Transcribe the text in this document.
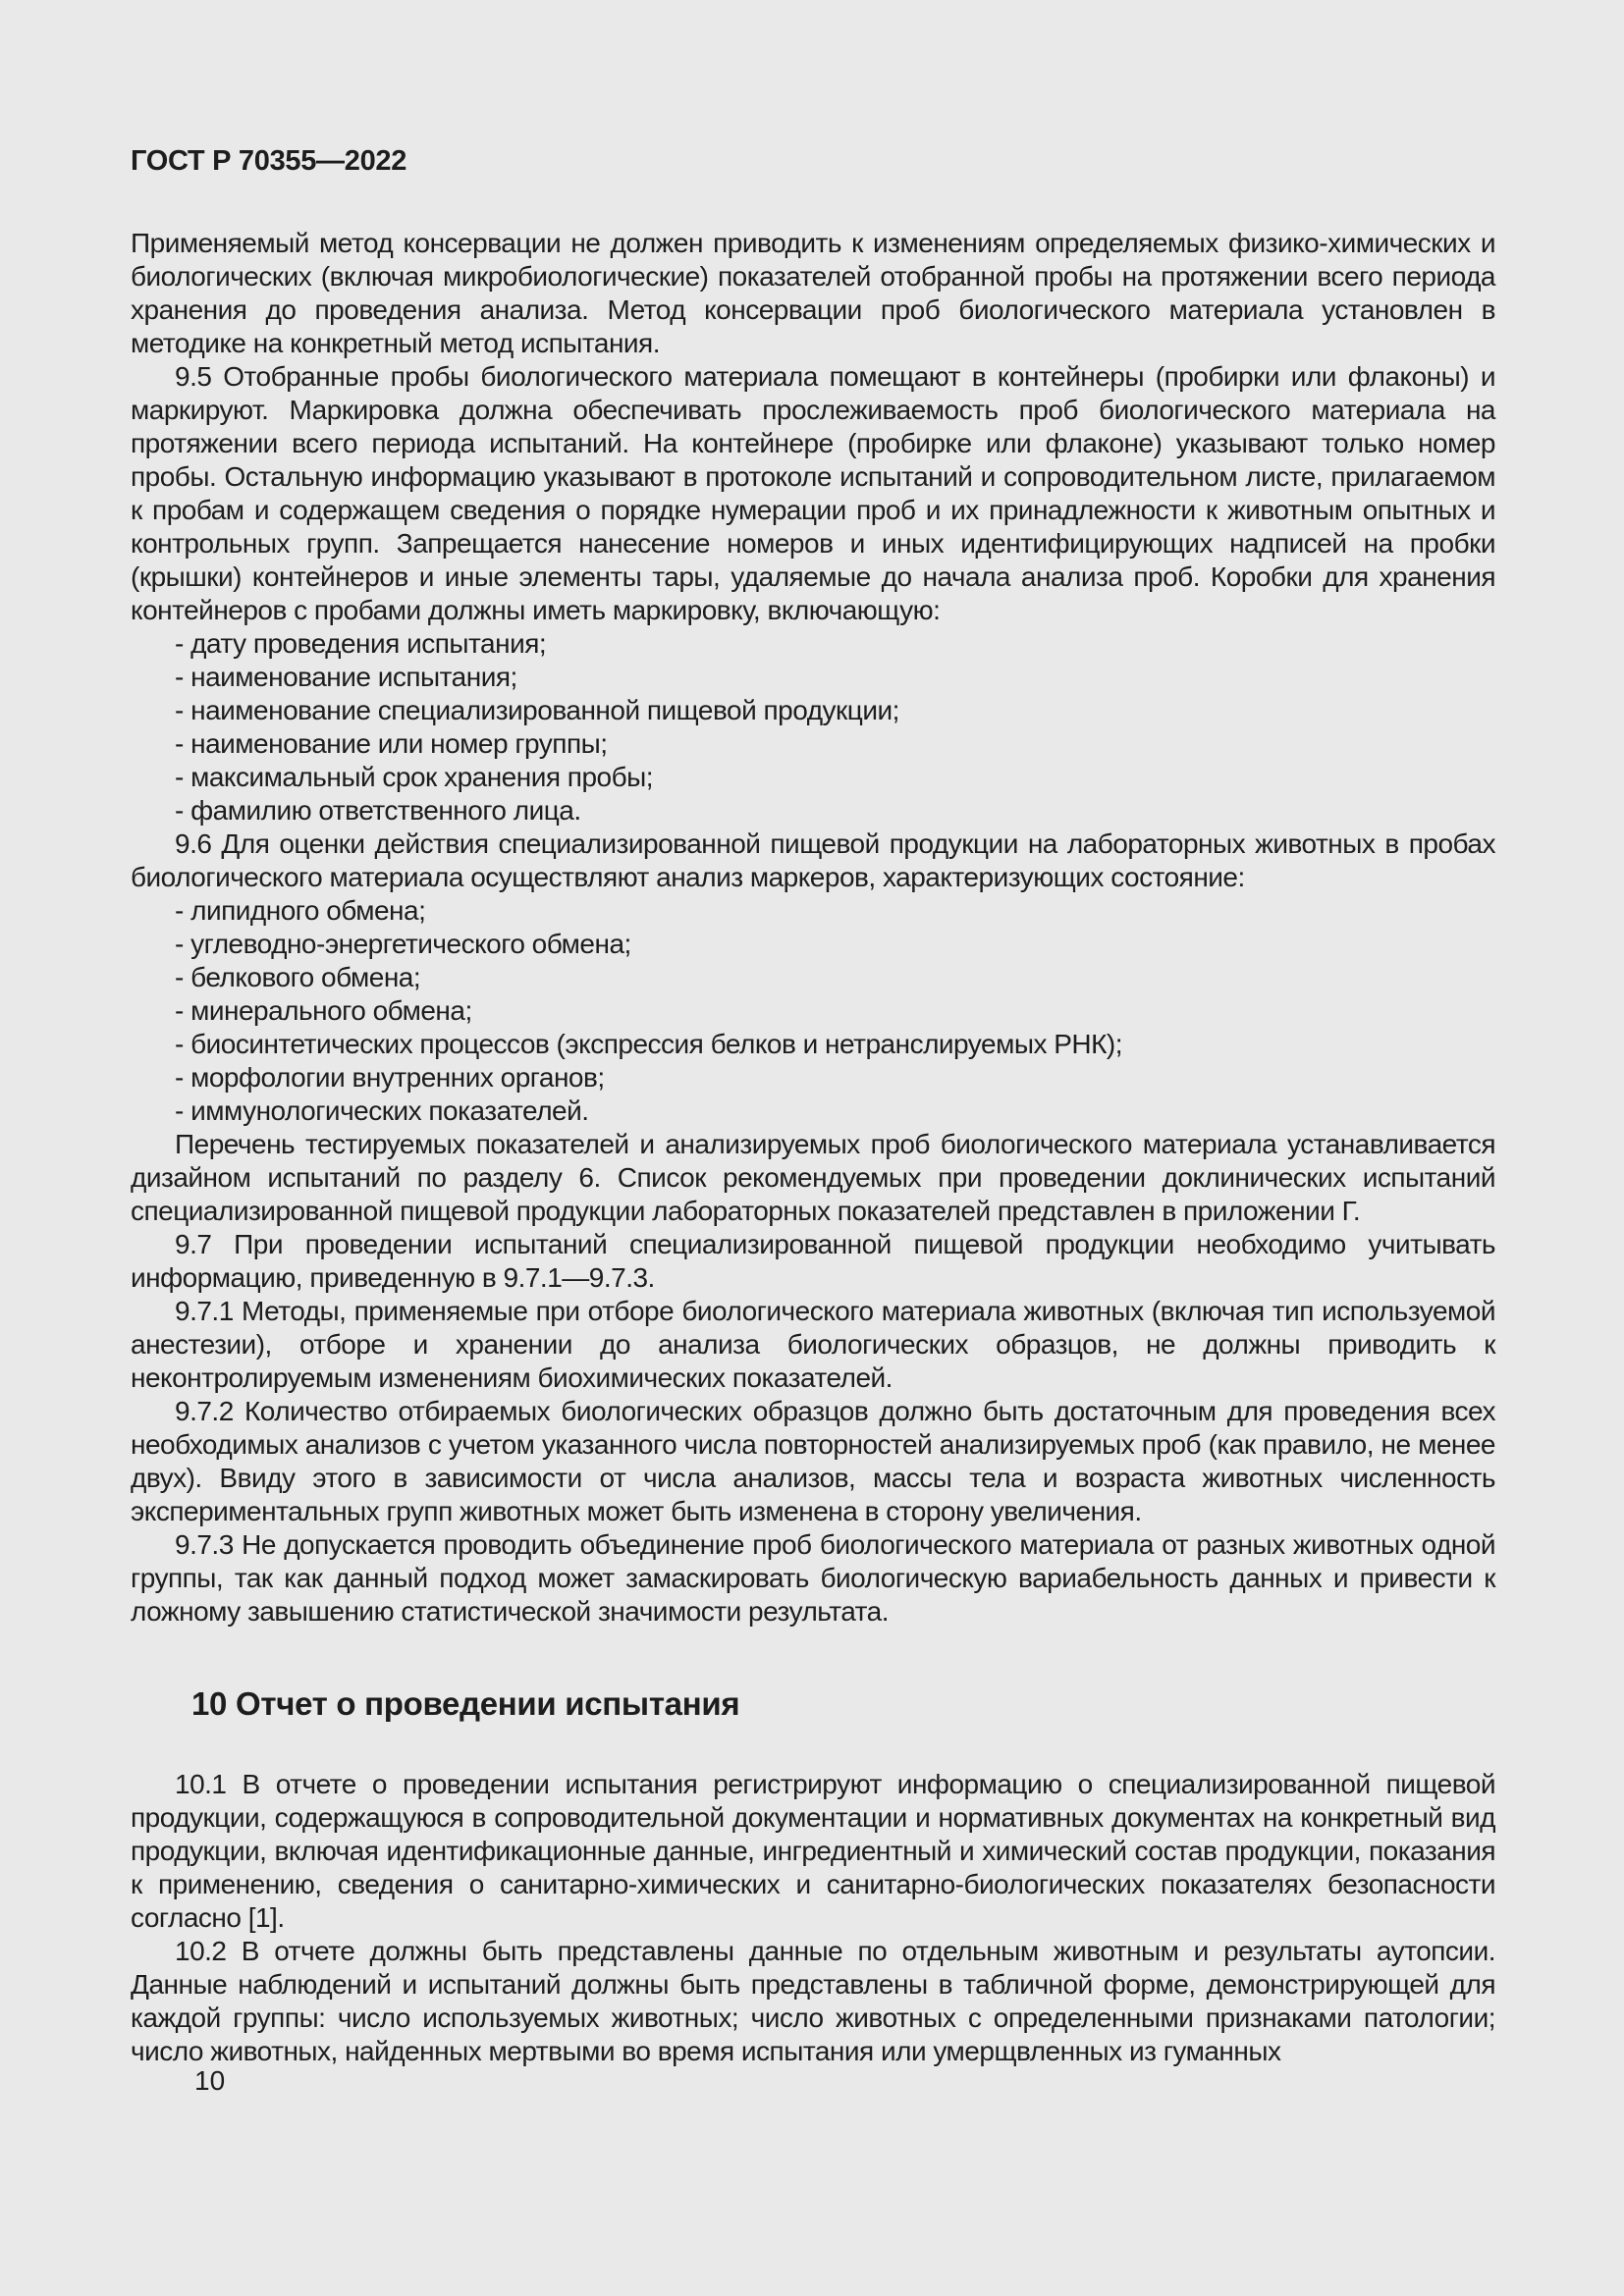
ГОСТ Р 70355—2022

Применяемый метод консервации не должен приводить к изменениям определяемых физико-химических и биологических (включая микробиологические) показателей отобранной пробы на протяжении всего периода хранения до проведения анализа. Метод консервации проб биологического материала установлен в методике на конкретный метод испытания.

9.5 Отобранные пробы биологического материала помещают в контейнеры (пробирки или флаконы) и маркируют. Маркировка должна обеспечивать прослеживаемость проб биологического материала на протяжении всего периода испытаний. На контейнере (пробирке или флаконе) указывают только номер пробы. Остальную информацию указывают в протоколе испытаний и сопроводительном листе, прилагаемом к пробам и содержащем сведения о порядке нумерации проб и их принадлежности к животным опытных и контрольных групп. Запрещается нанесение номеров и иных идентифицирующих надписей на пробки (крышки) контейнеров и иные элементы тары, удаляемые до начала анализа проб. Коробки для хранения контейнеров с пробами должны иметь маркировку, включающую:

- дату проведения испытания;
- наименование испытания;
- наименование специализированной пищевой продукции;
- наименование или номер группы;
- максимальный срок хранения пробы;
- фамилию ответственного лица.

9.6 Для оценки действия специализированной пищевой продукции на лабораторных животных в пробах биологического материала осуществляют анализ маркеров, характеризующих состояние:

- липидного обмена;
- углеводно-энергетического обмена;
- белкового обмена;
- минерального обмена;
- биосинтетических процессов (экспрессия белков и нетранслируемых РНК);
- морфологии внутренних органов;
- иммунологических показателей.

Перечень тестируемых показателей и анализируемых проб биологического материала устанавливается дизайном испытаний по разделу 6. Список рекомендуемых при проведении доклинических испытаний специализированной пищевой продукции лабораторных показателей представлен в приложении Г.

9.7 При проведении испытаний специализированной пищевой продукции необходимо учитывать информацию, приведенную в 9.7.1—9.7.3.

9.7.1 Методы, применяемые при отборе биологического материала животных (включая тип используемой анестезии), отборе и хранении до анализа биологических образцов, не должны приводить к неконтролируемым изменениям биохимических показателей.

9.7.2 Количество отбираемых биологических образцов должно быть достаточным для проведения всех необходимых анализов с учетом указанного числа повторностей анализируемых проб (как правило, не менее двух). Ввиду этого в зависимости от числа анализов, массы тела и возраста животных численность экспериментальных групп животных может быть изменена в сторону увеличения.

9.7.3 Не допускается проводить объединение проб биологического материала от разных животных одной группы, так как данный подход может замаскировать биологическую вариабельность данных и привести к ложному завышению статистической значимости результата.

10 Отчет о проведении испытания

10.1 В отчете о проведении испытания регистрируют информацию о специализированной пищевой продукции, содержащуюся в сопроводительной документации и нормативных документах на конкретный вид продукции, включая идентификационные данные, ингредиентный и химический состав продукции, показания к применению, сведения о санитарно-химических и санитарно-биологических показателях безопасности согласно [1].

10.2 В отчете должны быть представлены данные по отдельным животным и результаты аутопсии. Данные наблюдений и испытаний должны быть представлены в табличной форме, демонстрирующей для каждой группы: число используемых животных; число животных с определенными признаками патологии; число животных, найденных мертвыми во время испытания или умерщвленных из гуманных

10
